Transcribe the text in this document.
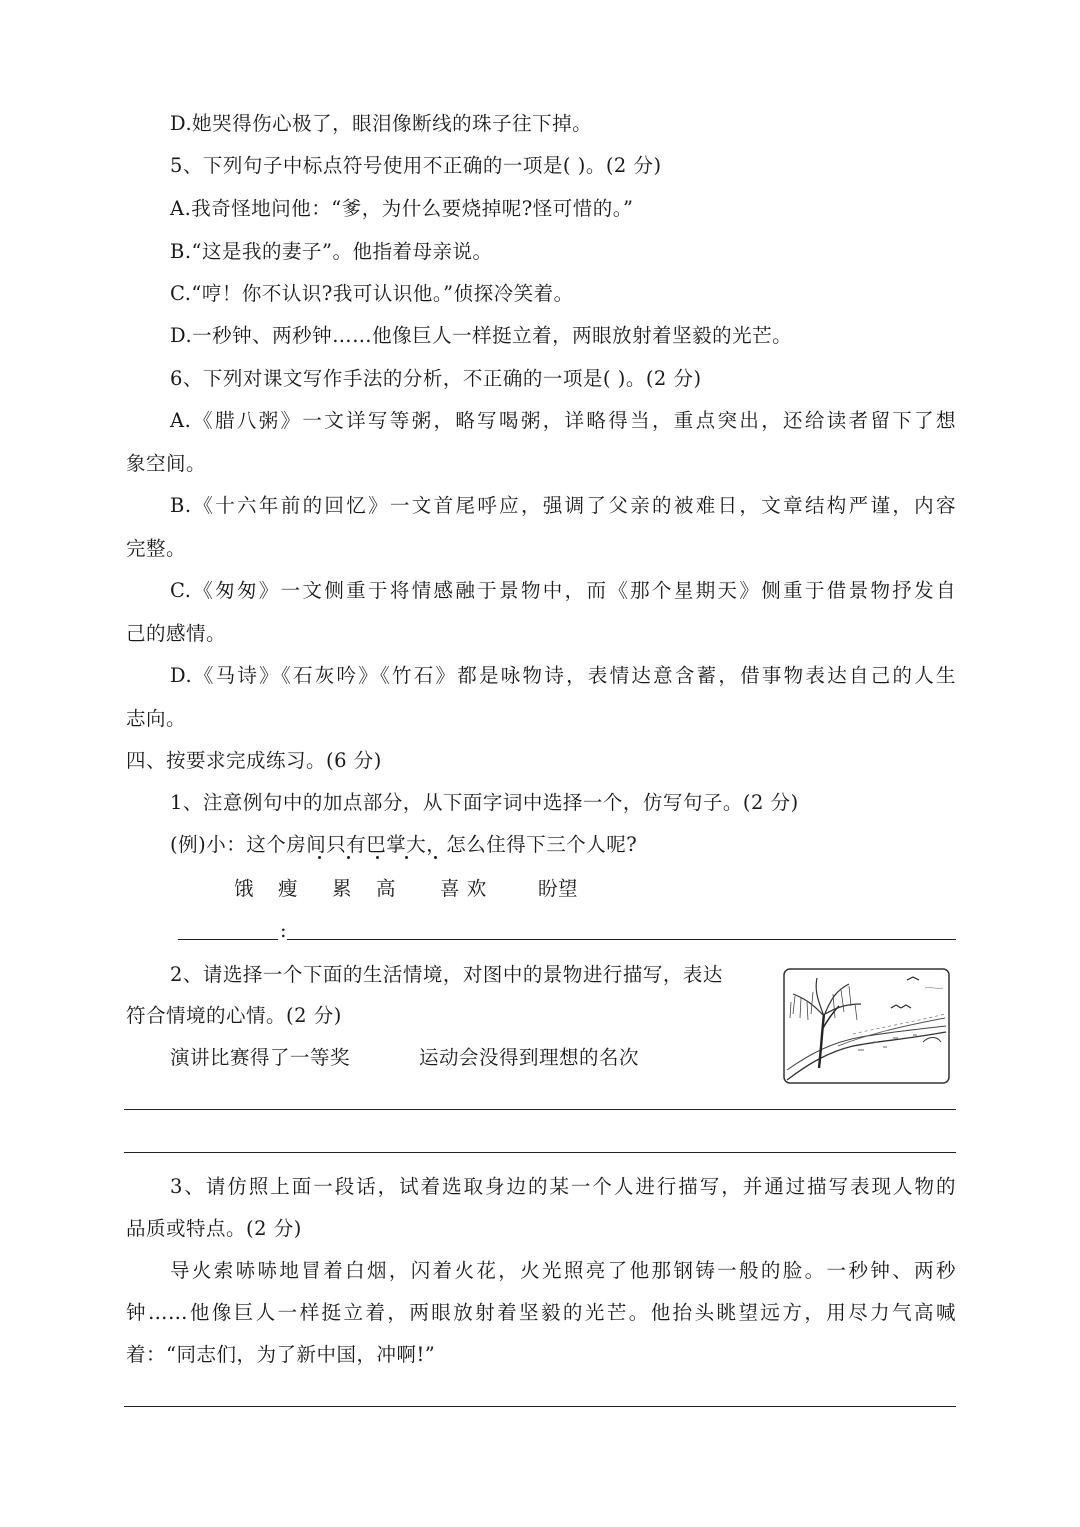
D.她哭得伤心极了，眼泪像断线的珠子往下掉。
5、下列句子中标点符号使用不正确的一项是( )。(2 分)
A.我奇怪地问他：“爹，为什么要烧掉呢?怪可惜的。”
B.“这是我的妻子”。他指着母亲说。
C.“哼！你不认识?我可认识他。”侦探冷笑着。
D.一秒钟、两秒钟……他像巨人一样挺立着，两眼放射着坚毅的光芒。
6、下列对课文写作手法的分析，不正确的一项是( )。(2 分)
A.《腊八粥》一文详写等粥，略写喝粥，详略得当，重点突出，还给读者留下了想
象空间。
B.《十六年前的回忆》一文首尾呼应，强调了父亲的被难日，文章结构严谨，内容
完整。
C.《匆匆》一文侧重于将情感融于景物中，而《那个星期天》侧重于借景物抒发自
己的感情。
D.《马诗》《石灰吟》《竹石》都是咏物诗，表情达意含蓄，借事物表达自己的人生
志向。
四、按要求完成练习。(6 分)
1、注意例句中的加点部分，从下面字词中选择一个，仿写句子。(2 分)
(例)小：这个房间只有巴掌大，怎么住得下三个人呢?
饿 瘦 累 高 喜 欢	盼望
:
2、请选择一个下面的生活情境，对图中的景物进行描写，表达
符合情境的心情。(2 分)
演讲比赛得了一等奖	运动会没得到理想的名次
3、请仿照上面一段话，试着选取身边的某一个人进行描写，并通过描写表现人物的
品质或特点。(2 分)
导火索哧哧地冒着白烟，闪着火花，火光照亮了他那钢铸一般的脸。一秒钟、两秒
钟……他像巨人一样挺立着，两眼放射着坚毅的光芒。他抬头眺望远方，用尽力气高喊
着：“同志们，为了新中国，冲啊!”
